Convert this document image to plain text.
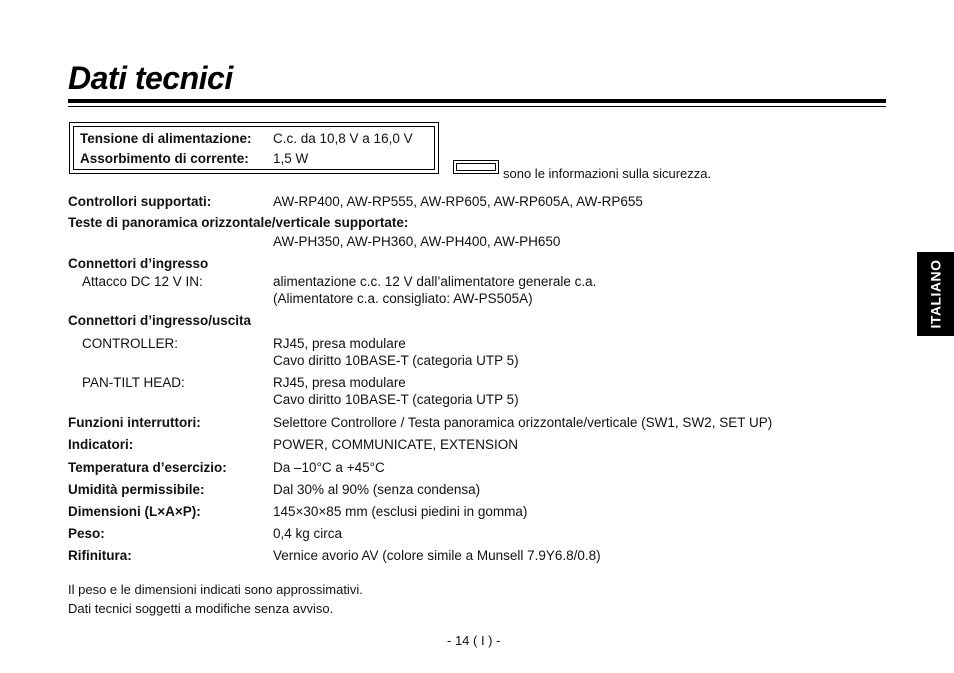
Dati tecnici
Tensione di alimentazione: C.c. da 10,8 V a 16,0 V
Assorbimento di corrente: 1,5 W
sono le informazioni sulla sicurezza.
Controllori supportati:	AW-RP400, AW-RP555, AW-RP605, AW-RP605A, AW-RP655
Teste di panoramica orizzontale/verticale supportate:
AW-PH350, AW-PH360, AW-PH400, AW-PH650
Connettori d’ingresso
Attacco DC 12 V IN:	alimentazione c.c. 12 V dall’alimentatore generale c.a.
(Alimentatore c.a. consigliato: AW-PS505A)
Connettori d’ingresso/uscita
CONTROLLER:	RJ45, presa modulare
Cavo diritto 10BASE-T (categoria UTP 5)
PAN-TILT HEAD:	RJ45, presa modulare
Cavo diritto 10BASE-T (categoria UTP 5)
Funzioni interruttori:	Selettore Controllore / Testa panoramica orizzontale/verticale (SW1, SW2, SET UP)
Indicatori:	POWER, COMMUNICATE, EXTENSION
Temperatura d’esercizio:	Da –10°C a +45°C
Umidità permissibile:	Dal 30% al 90% (senza condensa)
Dimensioni (L×A×P):	145×30×85 mm (esclusi piedini in gomma)
Peso:	0,4 kg circa
Rifinitura:	Vernice avorio AV (colore simile a Munsell 7.9Y6.8/0.8)
Il peso e le dimensioni indicati sono approssimativi.
Dati tecnici soggetti a modifiche senza avviso.
- 14 ( I ) -
ITALIANO
